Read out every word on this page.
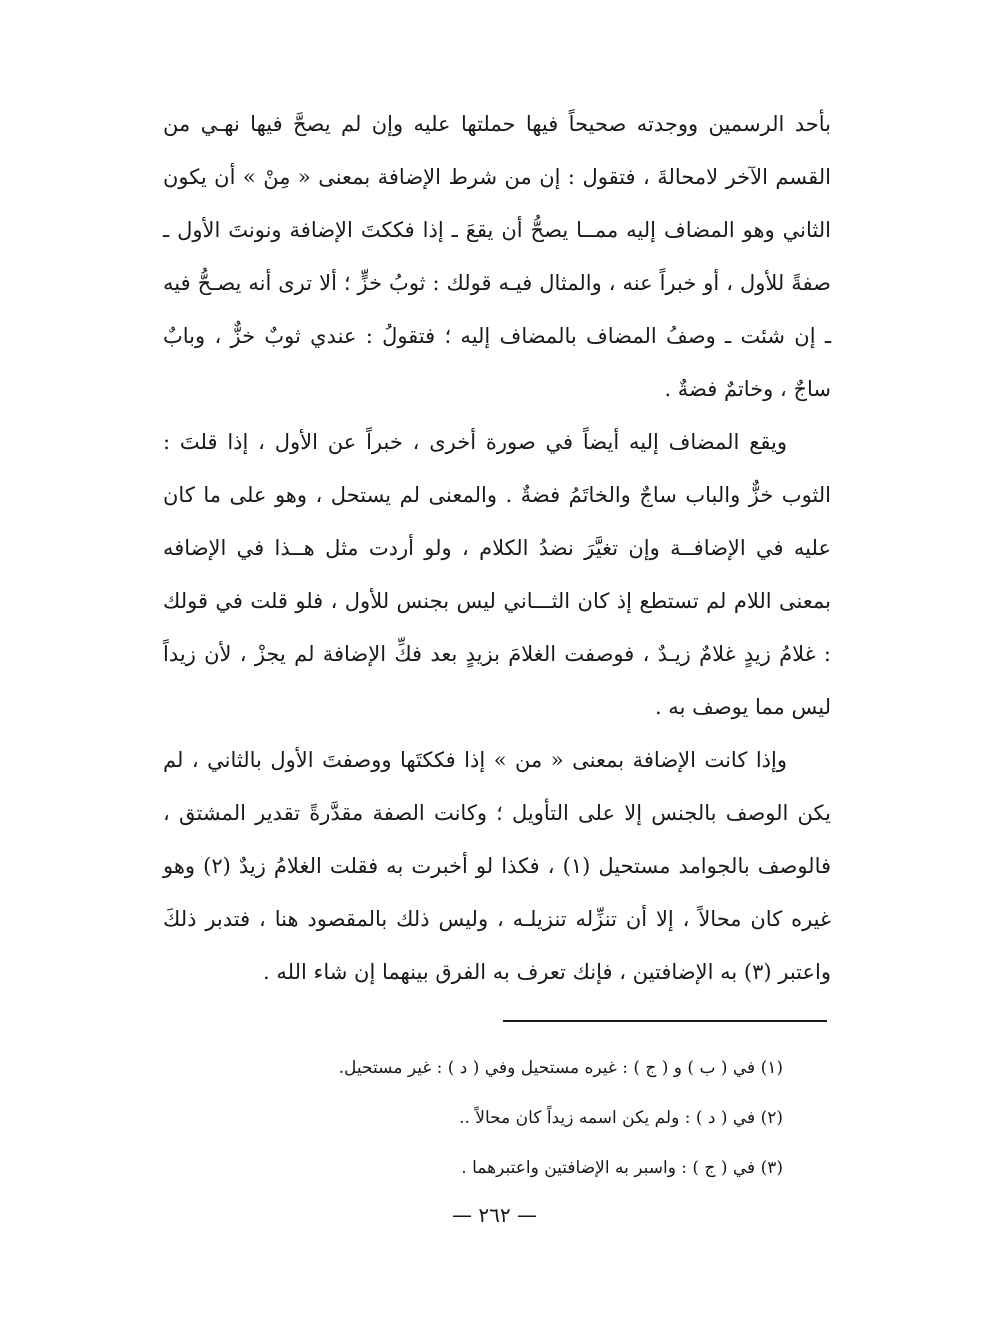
بأحد الرسمين ووجدته صحيحاً فيها حملتها عليه وإن لم يصحَّ فيها نهـي من القسم الآخر لامحالةَ ، فتقول : إن من شرط الإضافة بمعنى « مِنْ » أن يكون الثاني وهو المضاف إليه ممــا يصحُّ أن يقعَ ـ إذا فككتَ الإضافة ونونتَ الأول ـ صفةً للأول ، أو خبراً عنه ، والمثال فيـه قولك : ثوبُ خزٍّ ؛ ألا ترى أنه يصـحُّ فيه ـ إن شئت ـ وصفُ المضاف بالمضاف إليه ؛ فتقولُ : عندي ثوبٌ خزٌّ ، وبابٌ ساجٌ ، وخاتمٌ فضةٌ .

ويقع المضاف إليه أيضاً في صورة أخرى ، خبراً عن الأول ، إذا قلتَ : الثوب خزٌّ والباب ساجٌ والخاتَمُ فضةٌ . والمعنى لم يستحل ، وهو على ما كان عليه في الإضافــة وإن تغيَّرَ نضدُ الكلام ، ولو أردت مثل هــذا في الإضافه بمعنى اللام لم تستطع إذ كان الثـــاني ليس بجنس للأول ، فلو قلت في قولك : غلامُ زيدٍ غلامٌ زيـدٌ ، فوصفت الغلامَ بزيدٍ بعد فكِّ الإضافة لم يجزْ ، لأن زيداً ليس مما يوصف به .

وإذا كانت الإضافة بمعنى « من » إذا فككتَها ووصفتَ الأول بالثاني ، لم يكن الوصف بالجنس إلا على التأويل ؛ وكانت الصفة مقدَّرةً تقدير المشتق ، فالوصف بالجوامد مستحيل (١) ، فكذا لو أخبرت به فقلت الغلامُ زيدٌ (٢) وهو غيره كان محالاً ، إلا أن تنزِّله تنزيلـه ، وليس ذلك بالمقصود هنا ، فتدبر ذلكَ واعتبر (٣) به الإضافتين ، فإنك تعرف به الفرق بينهما إن شاء الله .

(١) في ( ب ) و ( ج ) : غيره مستحيل وفي ( د ) : غير مستحيل.

(٢) في ( د ) : ولم يكن اسمه زيداً كان محالاً ..

(٣) في ( ج ) : واسبر به الإضافتين واعتبرهما .

— ٢٦٢ —
